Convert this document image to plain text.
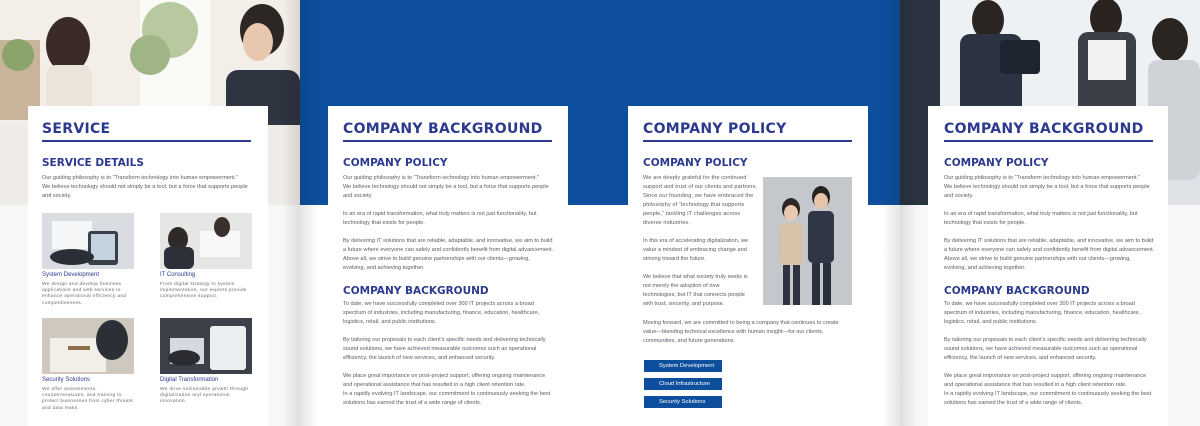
SERVICE
SERVICE DETAILS
Our guiding philosophy is to “Transform technology into human empowerment.”
We believe technology should not simply be a tool, but a force that supports people
and society.
System Development
We design and develop business
applications and web services to
enhance operational efficiency and
competitiveness.
IT Consulting
From digital strategy to system
implementation, our experts provide
comprehensive support.
Security Solutions
We offer assessments,
countermeasures, and training to
protect businesses from cyber threats
and data leaks.
Digital Transformation
We drive sustainable growth through
digitalization and operational
innovation.
COMPANY BACKGROUND
COMPANY POLICY
Our guiding philosophy is to “Transform technology into human empowerment.”
We believe technology should not simply be a tool, but a force that supports people
and society.
In an era of rapid transformation, what truly matters is not just functionality, but
technology that exists for people.
By delivering IT solutions that are reliable, adaptable, and innovative, we aim to build
a future where everyone can safely and confidently benefit from digital advancement.
Above all, we strive to build genuine partnerships with our clients—growing,
evolving, and achieving together.
COMPANY BACKGROUND
To date, we have successfully completed over 300 IT projects across a broad
spectrum of industries, including manufacturing, finance, education, healthcare,
logistics, retail, and public institutions.
By tailoring our proposals to each client’s specific needs and delivering technically
sound solutions, we have achieved measurable outcomes such as operational
efficiency, the launch of new services, and enhanced security.
We place great importance on post-project support, offering ongoing maintenance
and operational assistance that has resulted in a high client retention rate.
In a rapidly evolving IT landscape, our commitment to continuously seeking the best
solutions has earned the trust of a wide range of clients.
COMPANY POLICY
COMPANY POLICY
We are deeply grateful for the continued
support and trust of our clients and partners.
Since our founding, we have embraced the
philosophy of “technology that supports
people,” tackling IT challenges across
diverse industries.
In this era of accelerating digitalization, we
value a mindset of embracing change and
striving toward the future.
We believe that what society truly seeks is
not merely the adoption of new
technologies, but IT that connects people
with trust, sincerity, and purpose.
Moving forward, we are committed to being a company that continues to create
value—blending technical excellence with human insight—for our clients,
communities, and future generations.
System Development
Cloud Infrastructure
Security Solutions
COMPANY BACKGROUND
COMPANY POLICY
Our guiding philosophy is to “Transform technology into human empowerment.”
We believe technology should not simply be a tool, but a force that supports people
and society.
In an era of rapid transformation, what truly matters is not just functionality, but
technology that exists for people.
By delivering IT solutions that are reliable, adaptable, and innovative, we aim to build
a future where everyone can safely and confidently benefit from digital advancement.
Above all, we strive to build genuine partnerships with our clients—growing,
evolving, and achieving together.
COMPANY BACKGROUND
To date, we have successfully completed over 300 IT projects across a broad
spectrum of industries, including manufacturing, finance, education, healthcare,
logistics, retail, and public institutions.
By tailoring our proposals to each client’s specific needs and delivering technically
sound solutions, we have achieved measurable outcomes such as operational
efficiency, the launch of new services, and enhanced security.
We place great importance on post-project support, offering ongoing maintenance
and operational assistance that has resulted in a high client retention rate.
In a rapidly evolving IT landscape, our commitment to continuously seeking the best
solutions has earned the trust of a wide range of clients.
